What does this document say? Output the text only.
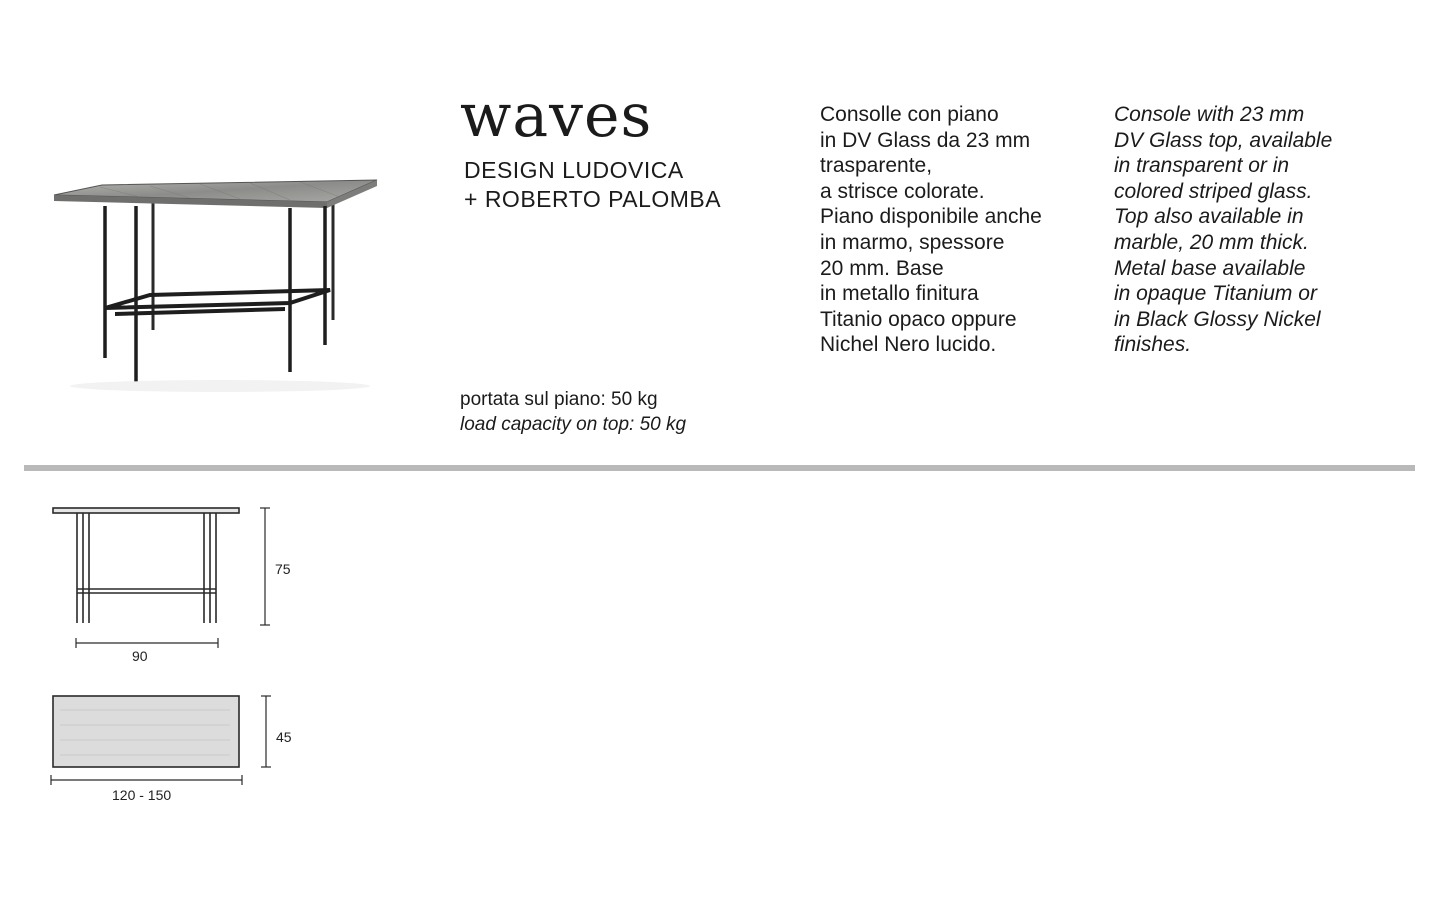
waves
DESIGN LUDOVICA
+ ROBERTO PALOMBA
Consolle con piano
in DV Glass da 23 mm
trasparente,
a strisce colorate.
Piano disponibile anche
in marmo, spessore
20 mm. Base
in metallo finitura
Titanio opaco oppure
Nichel Nero lucido.
Console with 23 mm
DV Glass top, available
in transparent or in
colored striped glass.
Top also available in
marble, 20 mm thick.
Metal base available
in opaque Titanium or
in Black Glossy Nickel
finishes.
portata sul piano: 50 kg
load capacity on top: 50 kg
75
90
45
120 - 150
